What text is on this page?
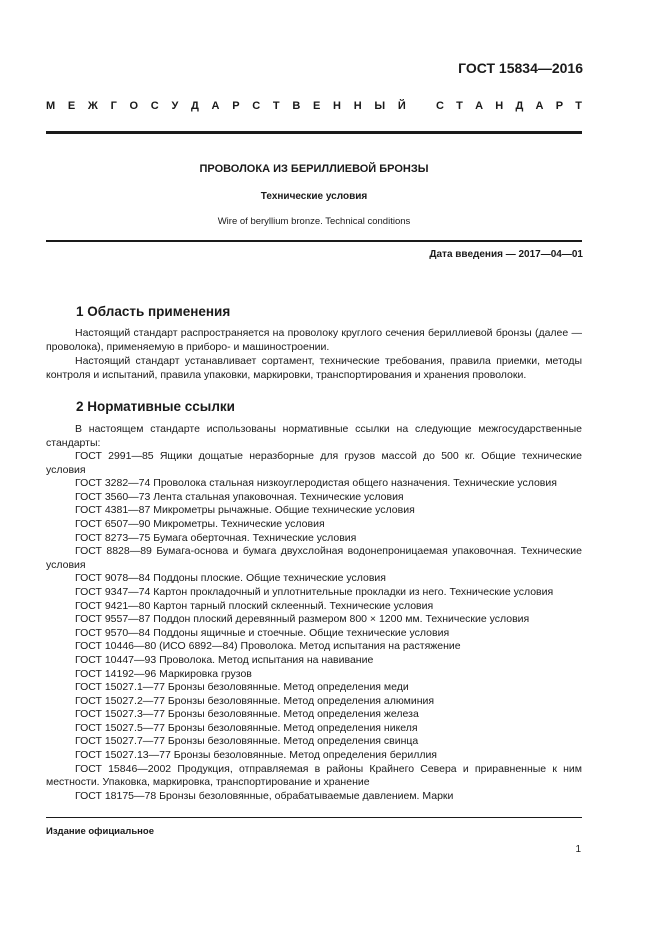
ГОСТ 15834—2016
М Е Ж Г О С У Д А Р С Т В Е Н Н Ы Й	С Т А Н Д А Р Т
ПРОВОЛОКА ИЗ БЕРИЛЛИЕВОЙ БРОНЗЫ
Технические условия
Wire of beryllium bronze. Technical conditions
Дата введения — 2017—04—01
1 Область применения
Настоящий стандарт распространяется на проволоку круглого сечения бериллиевой бронзы (далее — проволока), применяемую в приборо- и машиностроении.
Настоящий стандарт устанавливает сортамент, технические требования, правила приемки, методы контроля и испытаний, правила упаковки, маркировки, транспортирования и хранения проволоки.
2 Нормативные ссылки
В настоящем стандарте использованы нормативные ссылки на следующие межгосударственные стандарты:
ГОСТ 2991—85 Ящики дощатые неразборные для грузов массой до 500 кг. Общие технические условия
ГОСТ 3282—74 Проволока стальная низкоуглеродистая общего назначения. Технические условия
ГОСТ 3560—73 Лента стальная упаковочная. Технические условия
ГОСТ 4381—87 Микрометры рычажные. Общие технические условия
ГОСТ 6507—90 Микрометры. Технические условия
ГОСТ 8273—75 Бумага оберточная. Технические условия
ГОСТ 8828—89 Бумага-основа и бумага двухслойная водонепроницаемая упаковочная. Технические условия
ГОСТ 9078—84 Поддоны плоские. Общие технические условия
ГОСТ 9347—74 Картон прокладочный и уплотнительные прокладки из него. Технические условия
ГОСТ 9421—80 Картон тарный плоский склеенный. Технические условия
ГОСТ 9557—87 Поддон плоский деревянный размером 800 × 1200 мм. Технические условия
ГОСТ 9570—84 Поддоны ящичные и стоечные. Общие технические условия
ГОСТ 10446—80 (ИСО 6892—84) Проволока. Метод испытания на растяжение
ГОСТ 10447—93 Проволока. Метод испытания на навивание
ГОСТ 14192—96 Маркировка грузов
ГОСТ 15027.1—77 Бронзы безоловянные. Метод определения меди
ГОСТ 15027.2—77 Бронзы безоловянные. Метод определения алюминия
ГОСТ 15027.3—77 Бронзы безоловянные. Метод определения железа
ГОСТ 15027.5—77 Бронзы безоловянные. Метод определения никеля
ГОСТ 15027.7—77 Бронзы безоловянные. Метод определения свинца
ГОСТ 15027.13—77 Бронзы безоловянные. Метод определения бериллия
ГОСТ 15846—2002 Продукция, отправляемая в районы Крайнего Севера и приравненные к ним местности. Упаковка, маркировка, транспортирование и хранение
ГОСТ 18175—78 Бронзы безоловянные, обрабатываемые давлением. Марки
Издание официальное
1
